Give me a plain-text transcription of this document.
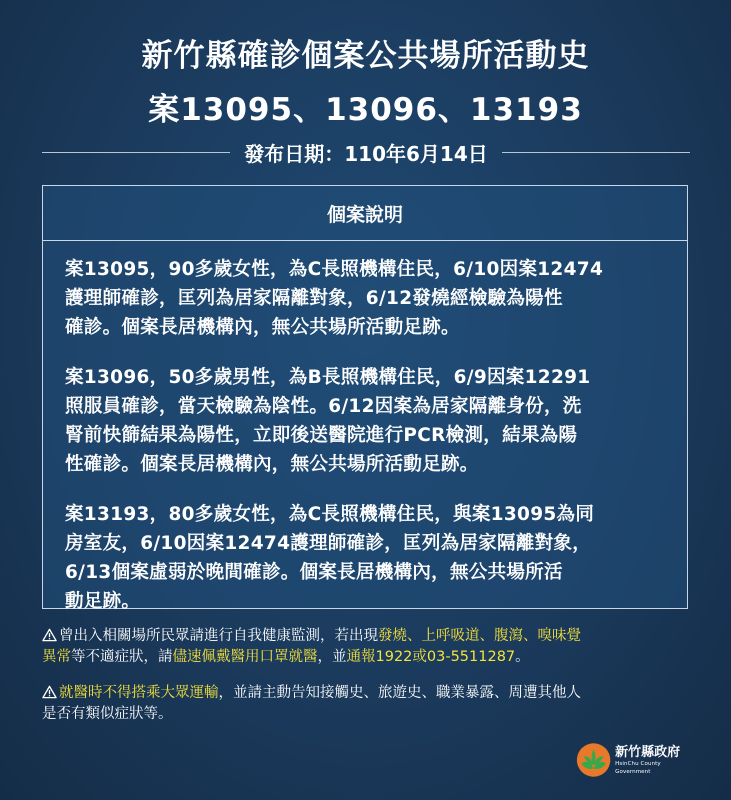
新竹縣確診個案公共場所活動史
案13095、13096、13193
發布日期：110年6月14日
個案說明

案13095，90多歲女性，為C長照機構住民，6/10因案12474
護理師確診，匡列為居家隔離對象，6/12發燒經檢驗為陽性
確診。個案長居機構內，無公共場所活動足跡。

案13096，50多歲男性，為B長照機構住民，6/9因案12291
照服員確診，當天檢驗為陰性。6/12因案為居家隔離身份，洗
腎前快篩結果為陽性，立即後送醫院進行PCR檢測，結果為陽
性確診。個案長居機構內，無公共場所活動足跡。

案13193，80多歲女性，為C長照機構住民，與案13095為同
房室友，6/10因案12474護理師確診，匡列為居家隔離對象，
6/13個案虛弱於晚間確診。個案長居機構內，無公共場所活
動足跡。

曾出入相關場所民眾請進行自我健康監測，若出現發燒、上呼吸道、腹瀉、嗅味覺
異常等不適症狀，請儘速佩戴醫用口罩就醫，並通報1922或03-5511287。
就醫時不得搭乘大眾運輸，並請主動告知接觸史、旅遊史、職業暴露、周遭其他人
是否有類似症狀等。
新竹縣政府
HsinChu County Government
